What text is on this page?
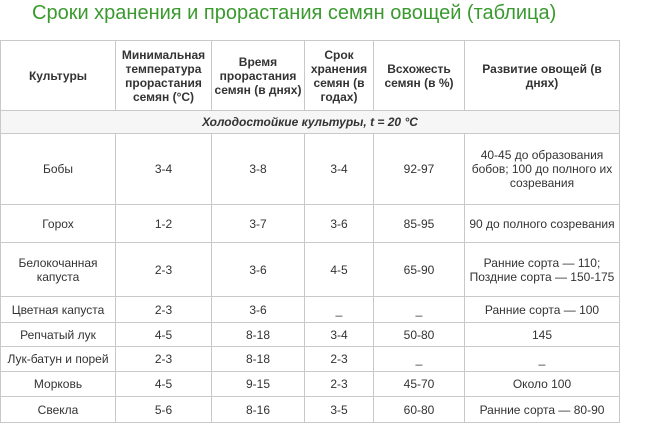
Сроки хранения и прорастания семян овощей (таблица)
Культуры	Минимальная температура прорастания семян (°С)	Время прорастания семян (в днях)	Срок хранения семян (в годах)	Всхожесть семян (в %)	Развитие овощей (в днях)
Холодостойкие культуры, t = 20 °С					
Бобы	3-4	3-8	3-4	92-97	40-45 до образования бобов; 100 до полного их созревания
Горох	1-2	3-7	3-6	85-95	90 до полного созревания
Белокочанная капуста	2-3	3-6	4-5	65-90	Ранние сорта — 110; Поздние сорта — 150-175
Цветная капуста	2-3	3-6	_	_	Ранние сорта — 100
Репчатый лук	4-5	8-18	3-4	50-80	145
Лук-батун и порей	2-3	8-18	2-3	_	_
Морковь	4-5	9-15	2-3	45-70	Около 100
Свекла	5-6	8-16	3-5	60-80	Ранние сорта — 80-90
